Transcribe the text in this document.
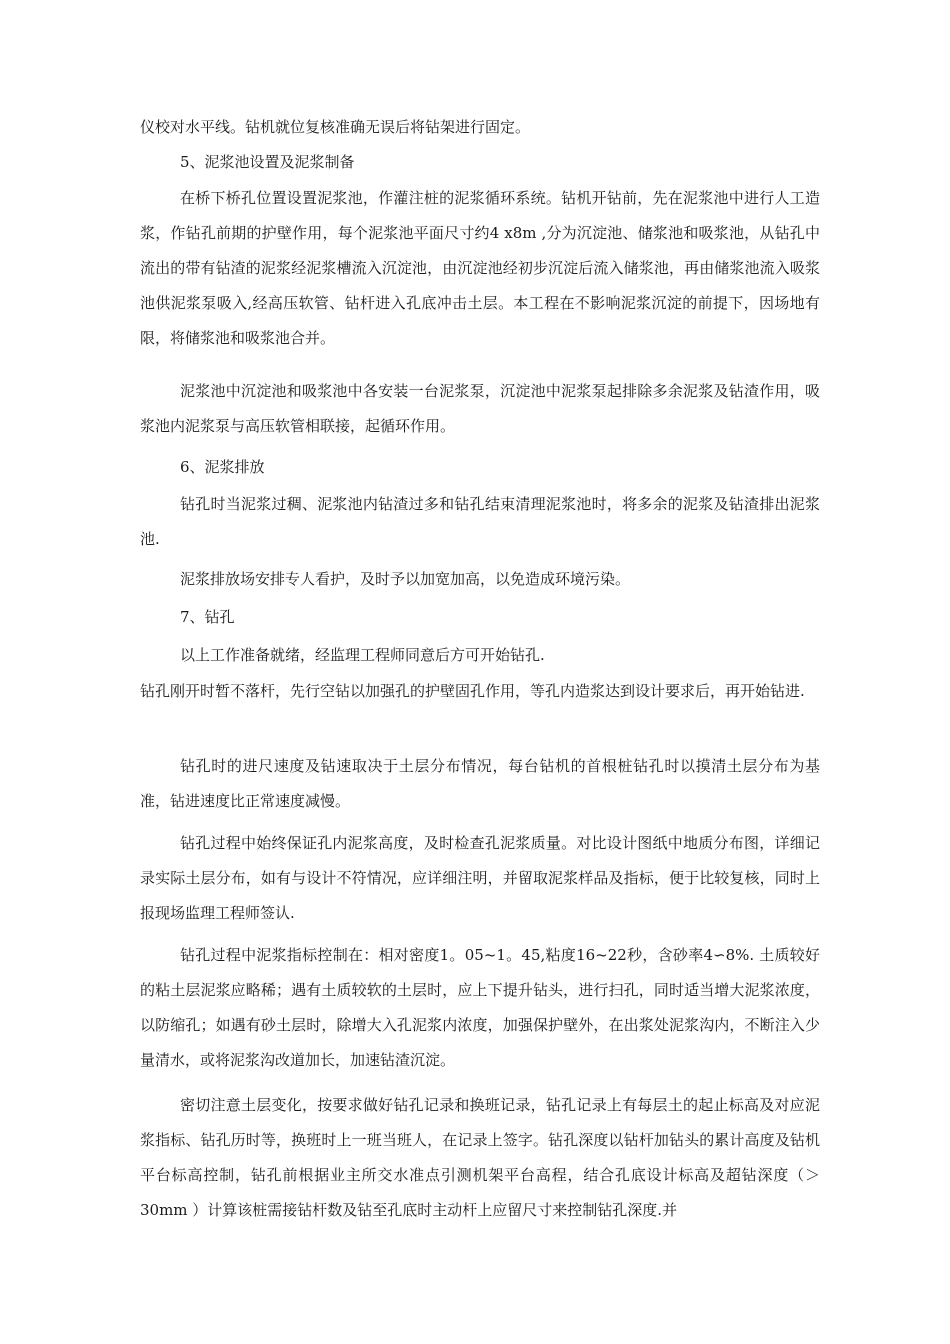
仪校对水平线。钻机就位复核准确无误后将钻架进行固定。

5、泥浆池设置及泥浆制备

在桥下桥孔位置设置泥浆池，作灌注桩的泥浆循环系统。钻机开钻前，先在泥浆池中进行人工造浆，作钻孔前期的护壁作用，每个泥浆池平面尺寸约4 x8m ,分为沉淀池、储浆池和吸浆池，从钻孔中流出的带有钻渣的泥浆经泥浆槽流入沉淀池，由沉淀池经初步沉淀后流入储浆池，再由储浆池流入吸浆池供泥浆泵吸入,经高压软管、钻杆进入孔底冲击土层。本工程在不影响泥浆沉淀的前提下，因场地有限，将储浆池和吸浆池合并。

泥浆池中沉淀池和吸浆池中各安装一台泥浆泵，沉淀池中泥浆泵起排除多余泥浆及钻渣作用，吸浆池内泥浆泵与高压软管相联接，起循环作用。

6、泥浆排放

钻孔时当泥浆过稠、泥浆池内钻渣过多和钻孔结束清理泥浆池时，将多余的泥浆及钻渣排出泥浆池.

泥浆排放场安排专人看护，及时予以加宽加高，以免造成环境污染。

7、钻孔

以上工作准备就绪，经监理工程师同意后方可开始钻孔.

钻孔刚开时暂不落杆，先行空钻以加强孔的护壁固孔作用，等孔内造浆达到设计要求后，再开始钻进.

钻孔时的进尺速度及钻速取决于土层分布情况，每台钻机的首根桩钻孔时以摸清土层分布为基准，钻进速度比正常速度减慢。

钻孔过程中始终保证孔内泥浆高度，及时检查孔泥浆质量。对比设计图纸中地质分布图，详细记录实际土层分布，如有与设计不符情况，应详细注明，并留取泥浆样品及指标，便于比较复核，同时上报现场监理工程师签认.

钻孔过程中泥浆指标控制在：相对密度1。05~1。45,粘度16~22秒，含砂率4∽8%. 土质较好的粘土层泥浆应略稀；遇有土质较软的土层时，应上下提升钻头，进行扫孔，同时适当增大泥浆浓度，以防缩孔；如遇有砂土层时，除增大入孔泥浆内浓度，加强保护壁外，在出浆处泥浆沟内，不断注入少量清水，或将泥浆沟改道加长，加速钻渣沉淀。

密切注意土层变化，按要求做好钻孔记录和换班记录，钻孔记录上有每层土的起止标高及对应泥浆指标、钻孔历时等，换班时上一班当班人，在记录上签字。钻孔深度以钻杆加钻头的累计高度及钻机平台标高控制，钻孔前根据业主所交水准点引测机架平台高程，结合孔底设计标高及超钻深度（＞30mm ）计算该桩需接钻杆数及钻至孔底时主动杆上应留尺寸来控制钻孔深度.并
